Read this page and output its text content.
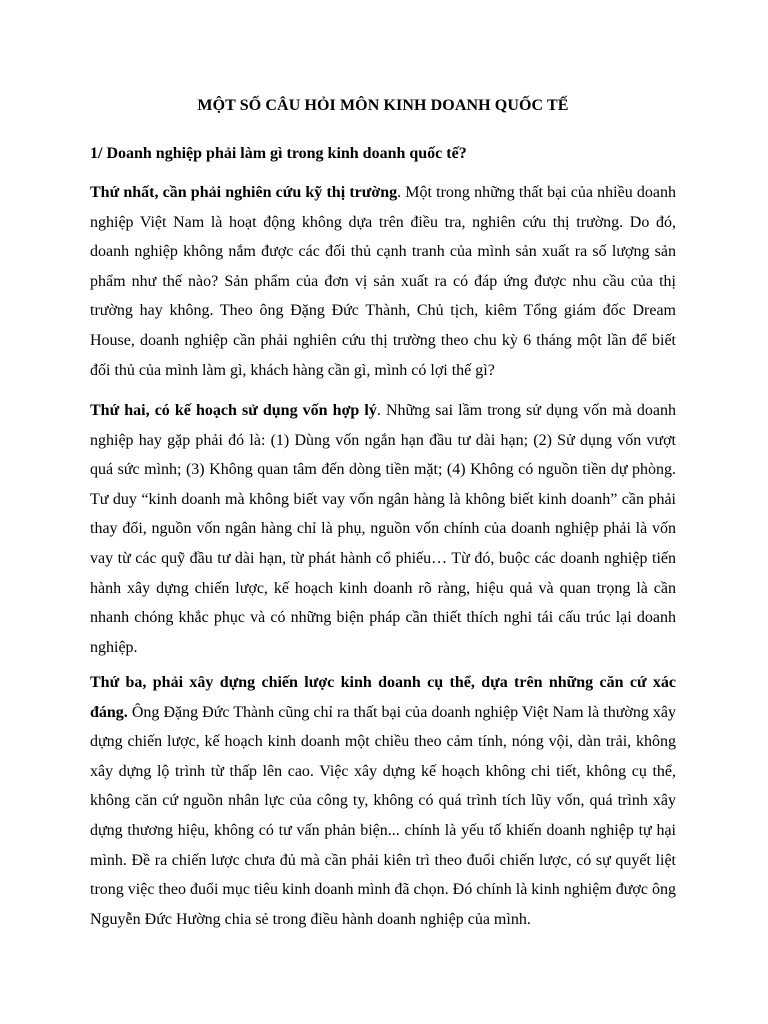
MỘT SỐ CÂU HỎI MÔN KINH DOANH QUỐC TẾ

1/ Doanh nghiệp phải làm gì trong kinh doanh quốc tế?

Thứ nhất, cần phải nghiên cứu kỹ thị trường. Một trong những thất bại của nhiều doanh nghiệp Việt Nam là hoạt động không dựa trên điều tra, nghiên cứu thị trường. Do đó, doanh nghiệp không nắm được các đối thủ cạnh tranh của mình sản xuất ra số lượng sản phẩm như thế nào? Sản phẩm của đơn vị sản xuất ra có đáp ứng được nhu cầu của thị trường hay không. Theo ông Đặng Đức Thành, Chủ tịch, kiêm Tổng giám đốc Dream House, doanh nghiệp cần phải nghiên cứu thị trường theo chu kỳ 6 tháng một lần để biết đối thủ của mình làm gì, khách hàng cần gì, mình có lợi thế gì?

Thứ hai, có kế hoạch sử dụng vốn hợp lý. Những sai lầm trong sử dụng vốn mà doanh nghiệp hay gặp phải đó là: (1) Dùng vốn ngắn hạn đầu tư dài hạn; (2) Sử dụng vốn vượt quá sức mình; (3) Không quan tâm đến dòng tiền mặt; (4) Không có nguồn tiền dự phòng. Tư duy “kinh doanh mà không biết vay vốn ngân hàng là không biết kinh doanh” cần phải thay đổi, nguồn vốn ngân hàng chỉ là phụ, nguồn vốn chính của doanh nghiệp phải là vốn vay từ các quỹ đầu tư dài hạn, từ phát hành cổ phiếu… Từ đó, buộc các doanh nghiệp tiến hành xây dựng chiến lược, kế hoạch kinh doanh rõ ràng, hiệu quả và quan trọng là cần nhanh chóng khắc phục và có những biện pháp cần thiết thích nghi tái cấu trúc lại doanh nghiệp.

Thứ ba, phải xây dựng chiến lược kinh doanh cụ thể, dựa trên những căn cứ xác đáng. Ông Đặng Đức Thành cũng chỉ ra thất bại của doanh nghiệp Việt Nam là thường xây dựng chiến lược, kế hoạch kinh doanh một chiều theo cảm tính, nóng vội, dàn trải, không xây dựng lộ trình từ thấp lên cao. Việc xây dựng kế hoạch không chi tiết, không cụ thể, không căn cứ nguồn nhân lực của công ty, không có quá trình tích lũy vốn, quá trình xây dựng thương hiệu, không có tư vấn phản biện... chính là yếu tố khiến doanh nghiệp tự hại mình. Đề ra chiến lược chưa đủ mà cần phải kiên trì theo đuổi chiến lược, có sự quyết liệt trong việc theo đuổi mục tiêu kinh doanh mình đã chọn. Đó chính là kinh nghiệm được ông Nguyễn Đức Hường chia sẻ trong điều hành doanh nghiệp của mình.
